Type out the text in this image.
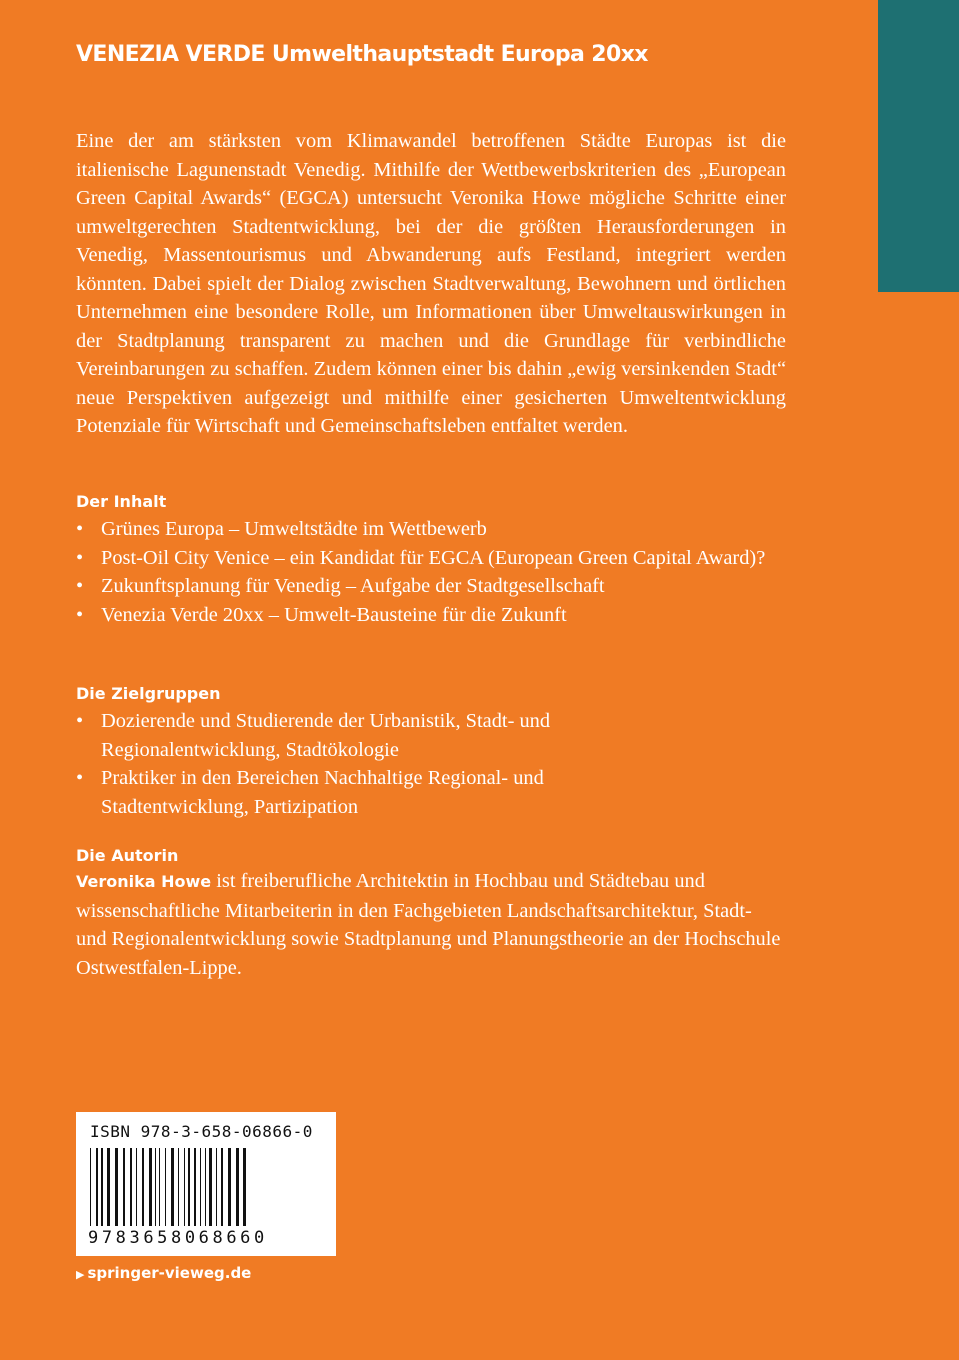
VENEZIA VERDE Umwelthauptstadt Europa 20xx

Eine der am stärksten vom Klimawandel betroffenen Städte Europas ist die italienische Lagunenstadt Venedig. Mithilfe der Wettbewerbskriterien des „European Green Capital Awards“ (EGCA) untersucht Veronika Howe mögliche Schritte einer umweltgerechten Stadtentwicklung, bei der die größten Herausforderungen in Venedig, Massentourismus und Abwanderung aufs Festland, integriert werden könnten. Dabei spielt der Dialog zwischen Stadtverwaltung, Bewohnern und örtlichen Unternehmen eine besondere Rolle, um Informationen über Umweltauswirkungen in der Stadtplanung transparent zu machen und die Grundlage für verbindliche Vereinbarungen zu schaffen. Zudem können einer bis dahin „ewig versinkenden Stadt“ neue Perspektiven aufgezeigt und mithilfe einer gesicherten Umweltentwicklung Potenziale für Wirtschaft und Gemeinschaftsleben entfaltet werden.

Der Inhalt
• Grünes Europa – Umweltstädte im Wettbewerb
• Post-Oil City Venice – ein Kandidat für EGCA (European Green Capital Award)?
• Zukunftsplanung für Venedig – Aufgabe der Stadtgesellschaft
• Venezia Verde 20xx – Umwelt-Bausteine für die Zukunft
Die Zielgruppen
• Dozierende und Studierende der Urbanistik, Stadt- und Regionalentwicklung, Stadtökologie
• Praktiker in den Bereichen Nachhaltige Regional- und Stadtentwicklung, Partizipation
Die Autorin

Veronika Howe ist freiberufliche Architektin in Hochbau und Städtebau und wissenschaftliche Mitarbeiterin in den Fachgebieten Landschaftsarchitektur, Stadt- und Regionalentwicklung sowie Stadtplanung und Planungstheorie an der Hochschule Ostwestfalen-Lippe.

ISBN 978-3-658-06866-0
9783658068660
▶ springer-vieweg.de
